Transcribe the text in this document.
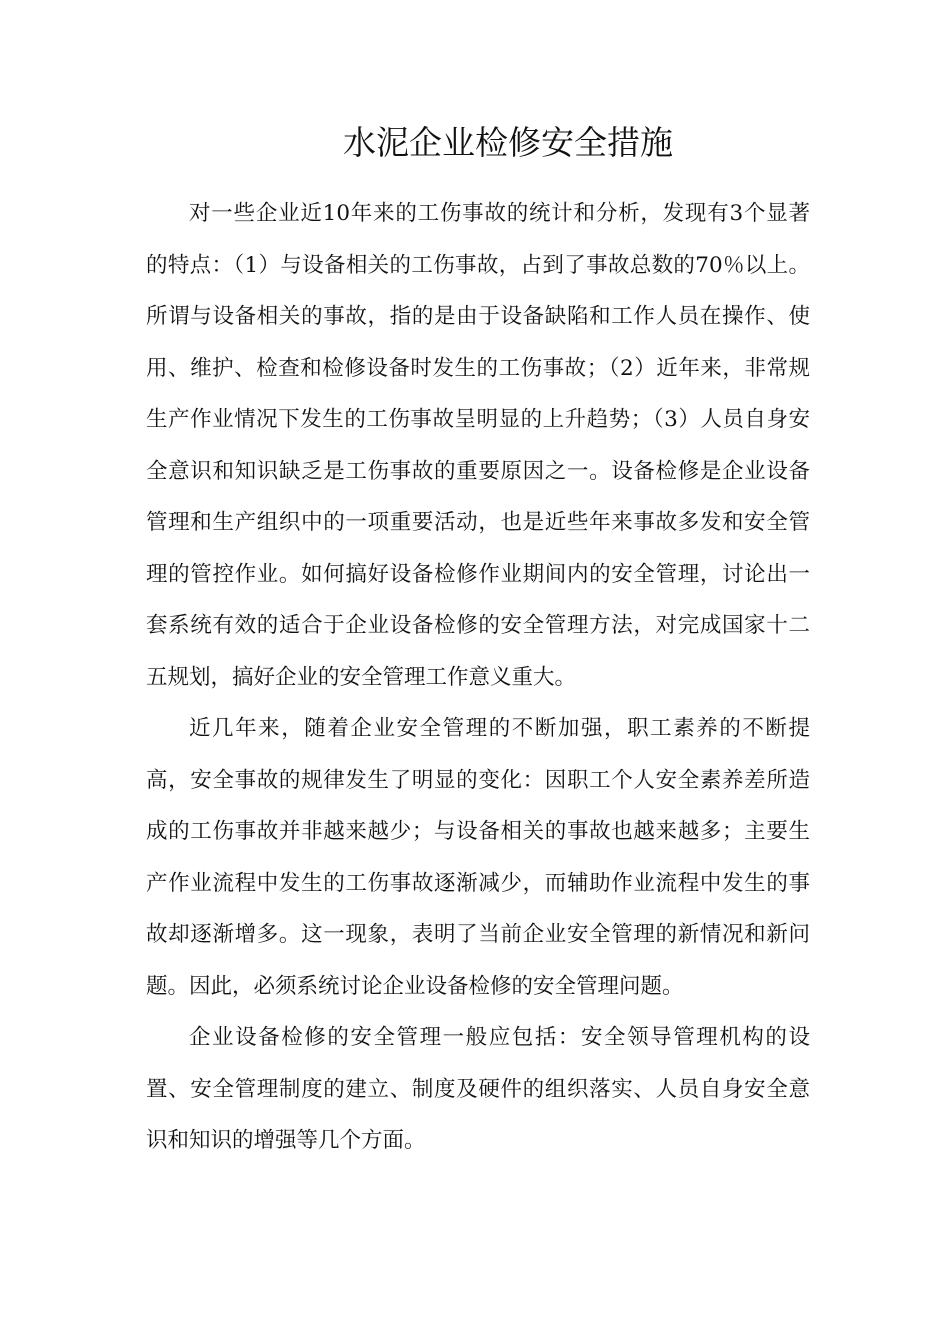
水泥企业检修安全措施

对一些企业近10年来的工伤事故的统计和分析，发现有3个显著的特点：（1）与设备相关的工伤事故，占到了事故总数的70％以上。所谓与设备相关的事故，指的是由于设备缺陷和工作人员在操作、使用、维护、检查和检修设备时发生的工伤事故；（2）近年来，非常规生产作业情况下发生的工伤事故呈明显的上升趋势；（3）人员自身安全意识和知识缺乏是工伤事故的重要原因之一。设备检修是企业设备管理和生产组织中的一项重要活动，也是近些年来事故多发和安全管理的管控作业。如何搞好设备检修作业期间内的安全管理，讨论出一套系统有效的适合于企业设备检修的安全管理方法，对完成国家十二五规划，搞好企业的安全管理工作意义重大。

近几年来，随着企业安全管理的不断加强，职工素养的不断提高，安全事故的规律发生了明显的变化：因职工个人安全素养差所造成的工伤事故并非越来越少；与设备相关的事故也越来越多；主要生产作业流程中发生的工伤事故逐渐减少，而辅助作业流程中发生的事故却逐渐增多。这一现象，表明了当前企业安全管理的新情况和新问题。因此，必须系统讨论企业设备检修的安全管理问题。

企业设备检修的安全管理一般应包括：安全领导管理机构的设置、安全管理制度的建立、制度及硬件的组织落实、人员自身安全意识和知识的增强等几个方面。
